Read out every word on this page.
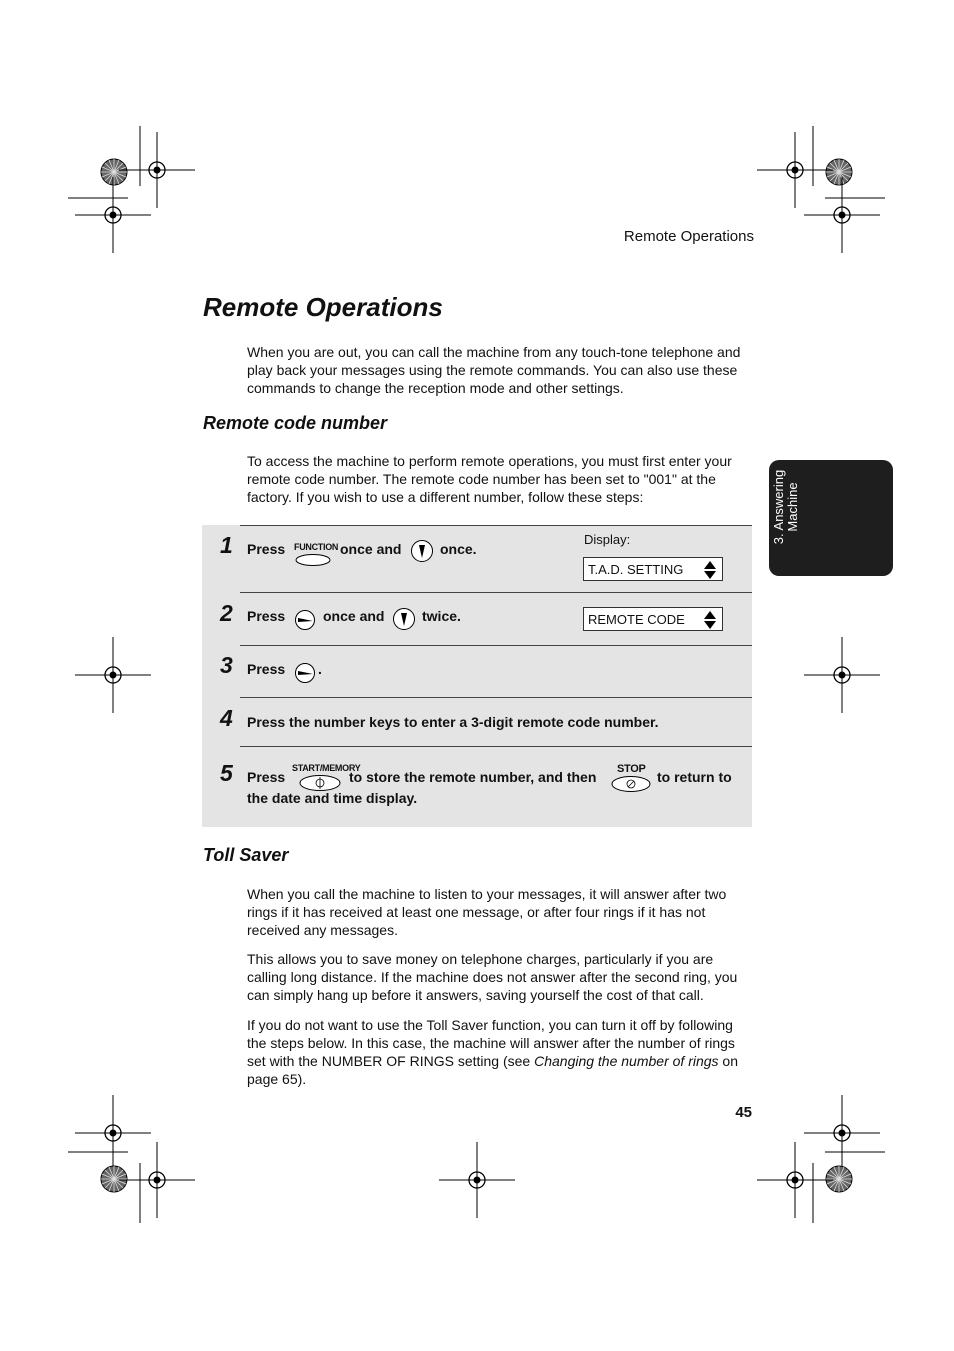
Remote Operations
Remote Operations

When you are out, you can call the machine from any touch-tone telephone and play back your messages using the remote commands. You can also use these commands to change the reception mode and other settings.

3. Answering Machine
Remote code number

To access the machine to perform remote operations, you must first enter your remote code number. The remote code number has been set to "001" at the factory. If you wish to use a different number, follow these steps:

1 Press FUNCTION once and	once.
Display:
T.A.D. SETTING
REMOTE CODE
2 Press	once and	twice.
3 Press .
4 Press the number keys to enter a 3-digit remote code number.
5 Press
START/MEMORY
to store the remote number, and then STOP to return to
the date and time display.
Toll Saver

When you call the machine to listen to your messages, it will answer after two rings if it has received at least one message, or after four rings if it has not received any messages.

This allows you to save money on telephone charges, particularly if you are calling long distance. If the machine does not answer after the second ring, you can simply hang up before it answers, saving yourself the cost of that call.

If you do not want to use the Toll Saver function, you can turn it off by following the steps below. In this case, the machine will answer after the number of rings set with the NUMBER OF RINGS setting (see Changing the number of rings on page 65).

45
